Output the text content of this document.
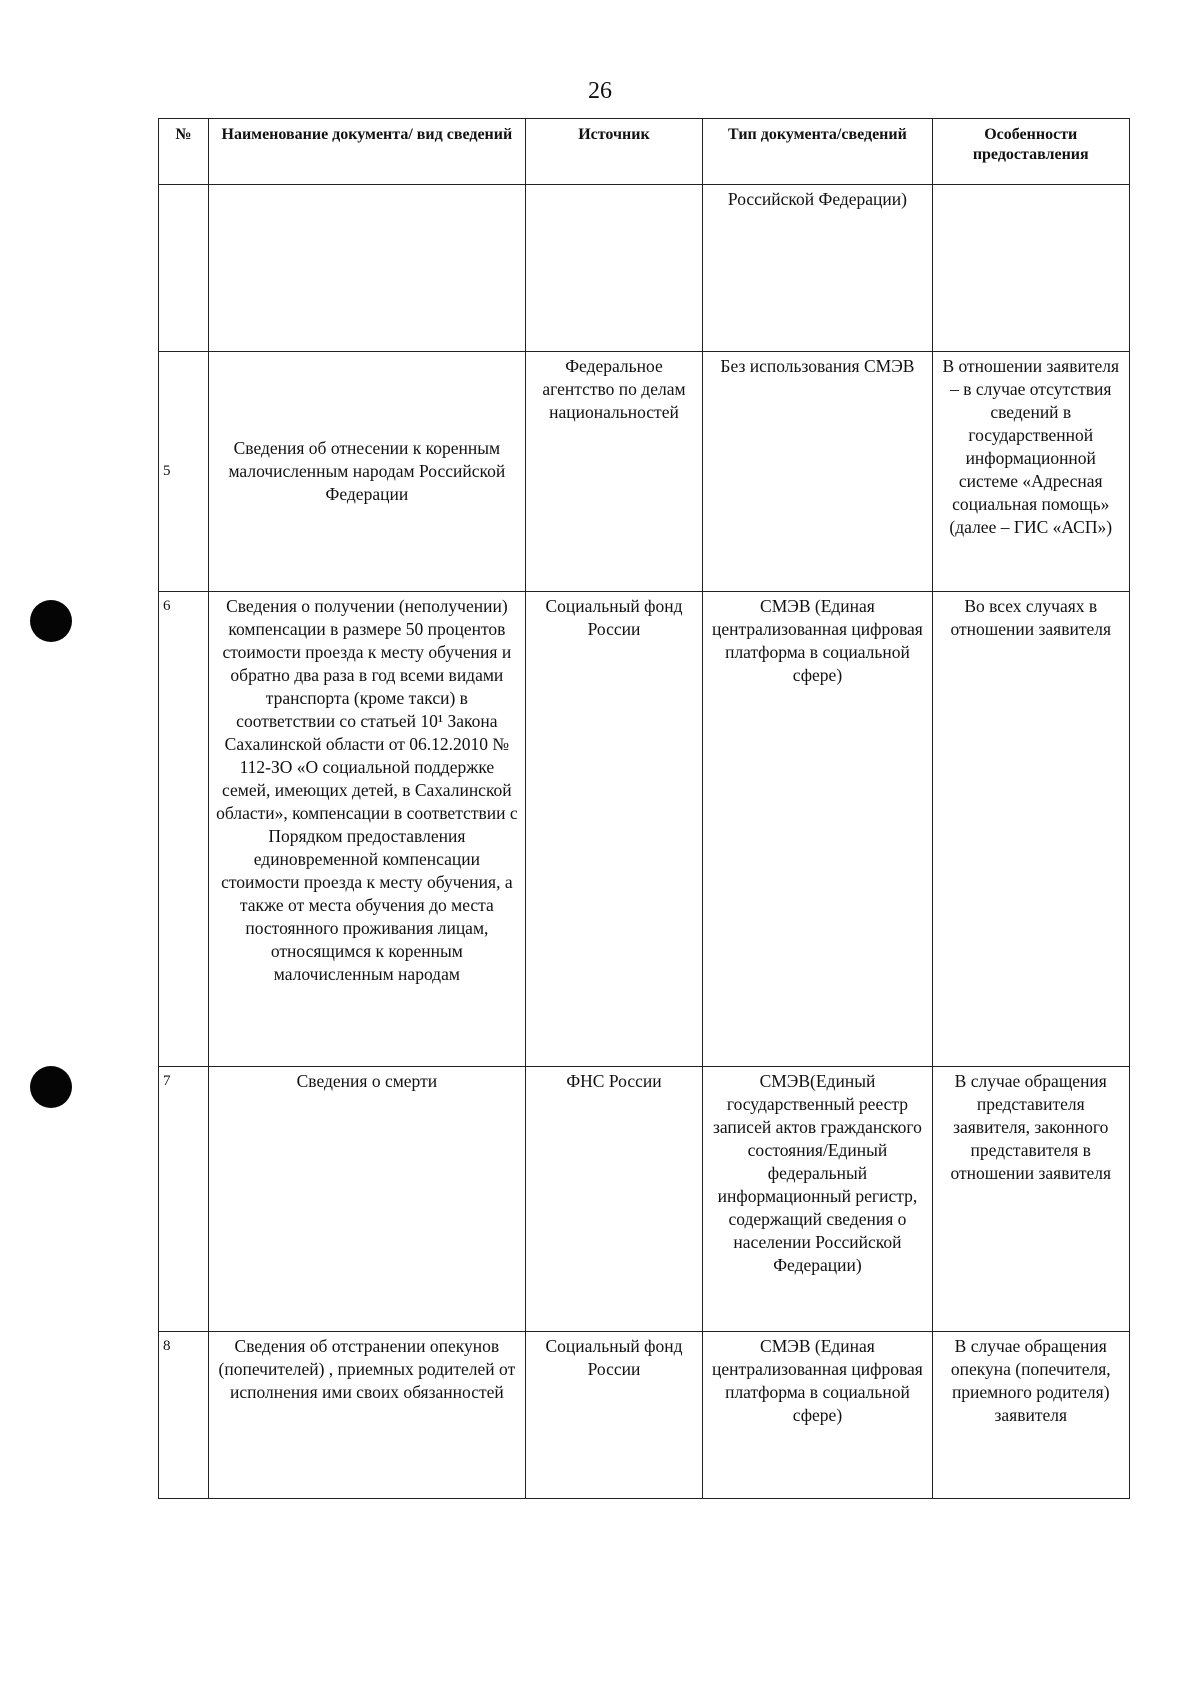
26
№	Наименование документа/ вид сведений	Источник	Тип документа/сведений	Особенности предоставления
			Российской Федерации)	
5	Сведения об отнесении к коренным малочисленным народам Российской Федерации	Федеральное агентство по делам национальностей	Без использования СМЭВ	В отношении заявителя – в случае отсутствия сведений в государственной информационной системе «Адресная социальная помощь» (далее – ГИС «АСП»)
6	Сведения о получении (неполучении) компенсации в размере 50 процентов стоимости проезда к месту обучения и обратно два раза в год всеми видами транспорта (кроме такси) в соответствии со статьей 10¹ Закона Сахалинской области от 06.12.2010 № 112-ЗО «О социальной поддержке семей, имеющих детей, в Сахалинской области», компенсации в соответствии с Порядком предоставления единовременной компенсации стоимости проезда к месту обучения, а также от места обучения до места постоянного проживания лицам, относящимся к коренным малочисленным народам	Социальный фонд России	СМЭВ (Единая централизованная цифровая платформа в социальной сфере)	Во всех случаях в отношении заявителя
7	Сведения о смерти	ФНС России	СМЭВ(Единый государственный реестр записей актов гражданского состояния/Единый федеральный информационный регистр, содержащий сведения о населении Российской Федерации)	В случае обращения представителя заявителя, законного представителя в отношении заявителя
8	Сведения об отстранении опекунов (попечителей) , приемных родителей от исполнения ими своих обязанностей	Социальный фонд России	СМЭВ (Единая централизованная цифровая платформа в социальной сфере)	В случае обращения опекуна (попечителя, приемного родителя) заявителя
